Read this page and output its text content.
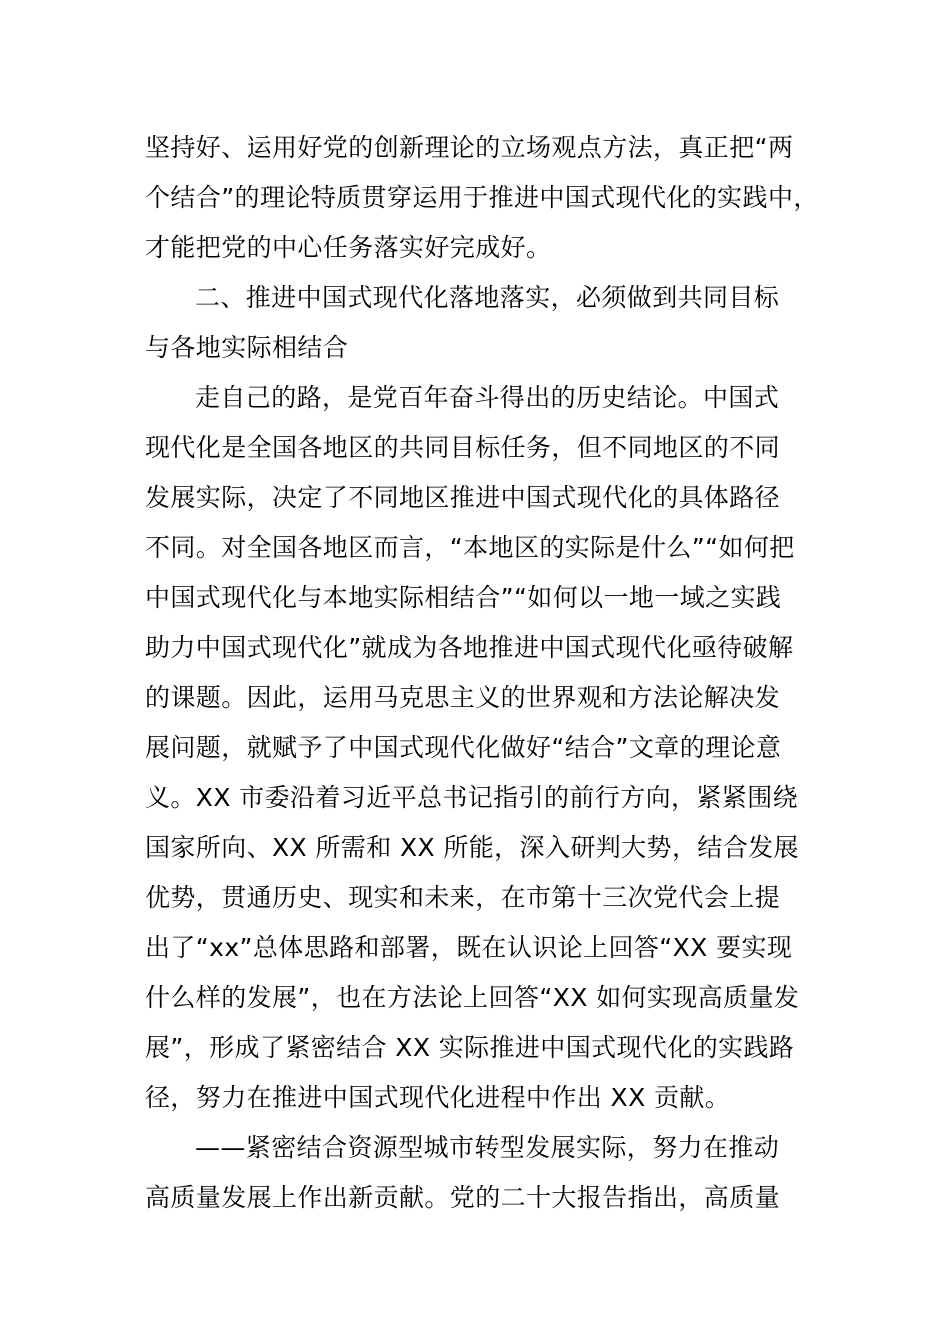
坚持好、运用好党的创新理论的立场观点方法，真正把“两
个结合”的理论特质贯穿运用于推进中国式现代化的实践中，
才能把党的中心任务落实好完成好。
二、推进中国式现代化落地落实，必须做到共同目标
与各地实际相结合
走自己的路，是党百年奋斗得出的历史结论。中国式
现代化是全国各地区的共同目标任务，但不同地区的不同
发展实际，决定了不同地区推进中国式现代化的具体路径
不同。对全国各地区而言，“本地区的实际是什么”“如何把
中国式现代化与本地实际相结合”“如何以一地一域之实践
助力中国式现代化”就成为各地推进中国式现代化亟待破解
的课题。因此，运用马克思主义的世界观和方法论解决发
展问题，就赋予了中国式现代化做好“结合”文章的理论意
义。XX 市委沿着习近平总书记指引的前行方向，紧紧围绕
国家所向、XX 所需和 XX 所能，深入研判大势，结合发展
优势，贯通历史、现实和未来，在市第十三次党代会上提
出了“xx”总体思路和部署，既在认识论上回答“XX 要实现
什么样的发展”，也在方法论上回答“XX 如何实现高质量发
展”，形成了紧密结合 XX 实际推进中国式现代化的实践路
径，努力在推进中国式现代化进程中作出 XX 贡献。
——紧密结合资源型城市转型发展实际，努力在推动
高质量发展上作出新贡献。党的二十大报告指出，高质量
